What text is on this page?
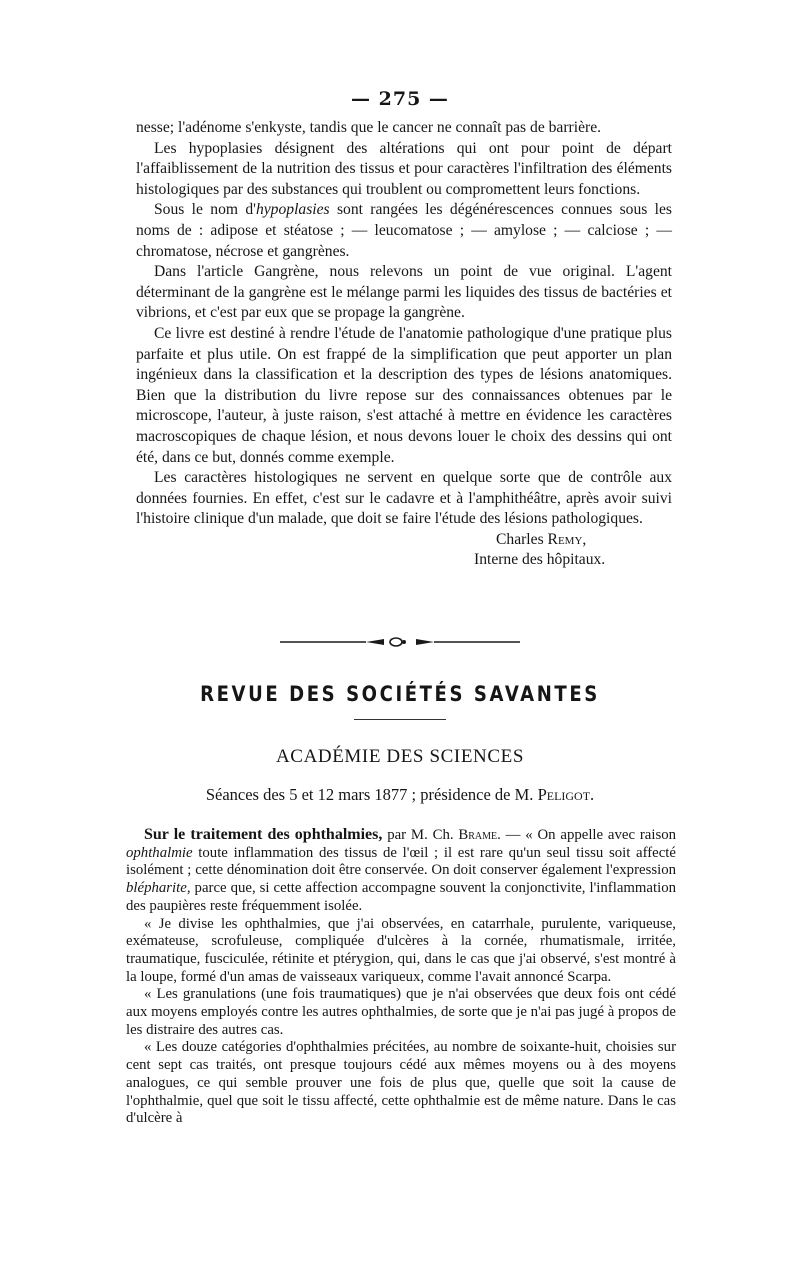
— 275 —

nesse; l'adénome s'enkyste, tandis que le cancer ne connaît pas de barrière.

Les hypoplasies désignent des altérations qui ont pour point de départ l'affaiblissement de la nutrition des tissus et pour caractères l'infiltration des éléments histologiques par des substances qui troublent ou compromettent leurs fonctions.

Sous le nom d'hypoplasies sont rangées les dégénérescences connues sous les noms de : adipose et stéatose ; — leucomatose ; — amylose ; — calciose ; — chromatose, nécrose et gangrènes.

Dans l'article Gangrène, nous relevons un point de vue original. L'agent déterminant de la gangrène est le mélange parmi les liquides des tissus de bactéries et vibrions, et c'est par eux que se propage la gangrène.

Ce livre est destiné à rendre l'étude de l'anatomie pathologique d'une pratique plus parfaite et plus utile. On est frappé de la simplification que peut apporter un plan ingénieux dans la classification et la description des types de lésions anatomiques. Bien que la distribution du livre repose sur des connaissances obtenues par le microscope, l'auteur, à juste raison, s'est attaché à mettre en évidence les caractères macroscopiques de chaque lésion, et nous devons louer le choix des dessins qui ont été, dans ce but, donnés comme exemple.

Les caractères histologiques ne servent en quelque sorte que de contrôle aux données fournies. En effet, c'est sur le cadavre et à l'amphithéâtre, après avoir suivi l'histoire clinique d'un malade, que doit se faire l'étude des lésions pathologiques.

Charles Remy,
Interne des hôpitaux.

REVUE DES SOCIÉTÉS SAVANTES
ACADÉMIE DES SCIENCES
Séances des 5 et 12 mars 1877 ; présidence de M. Peligot.

Sur le traitement des ophthalmies, par M. Ch. Brame. — « On appelle avec raison ophthalmie toute inflammation des tissus de l'œil ; il est rare qu'un seul tissu soit affecté isolément ; cette dénomination doit être conservée. On doit conserver également l'expression blépharite, parce que, si cette affection accompagne souvent la conjonctivite, l'inflammation des paupières reste fréquemment isolée.

« Je divise les ophthalmies, que j'ai observées, en catarrhale, purulente, variqueuse, exémateuse, scrofuleuse, compliquée d'ulcères à la cornée, rhumatismale, irritée, traumatique, fusciculée, rétinite et ptérygion, qui, dans le cas que j'ai observé, s'est montré à la loupe, formé d'un amas de vaisseaux variqueux, comme l'avait annoncé Scarpa.

« Les granulations (une fois traumatiques) que je n'ai observées que deux fois ont cédé aux moyens employés contre les autres ophthalmies, de sorte que je n'ai pas jugé à propos de les distraire des autres cas.

« Les douze catégories d'ophthalmies précitées, au nombre de soixante-huit, choisies sur cent sept cas traités, ont presque toujours cédé aux mêmes moyens ou à des moyens analogues, ce qui semble prouver une fois de plus que, quelle que soit la cause de l'ophthalmie, quel que soit le tissu affecté, cette ophthalmie est de même nature. Dans le cas d'ulcère à
